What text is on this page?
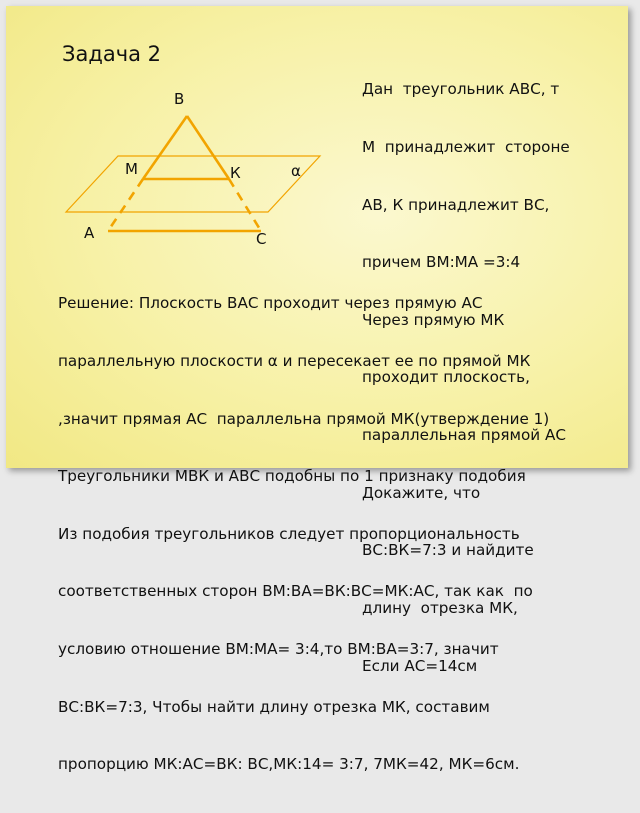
Задача 2

Дан  треугольник АВС, т

М  принадлежит  стороне

АВ, К принадлежит ВС,

причем ВМ:МА =3:4

Через прямую МК

проходит плоскость,

параллельная прямой АС

Докажите, что

ВС:ВК=7:3 и найдите

длину  отрезка МК,

Если АС=14см

В
М	К	α
А	С

Решение: Плоскость ВАС проходит через прямую АС

параллельную плоскости α и пересекает ее по прямой МК

,значит прямая АС  параллельна прямой МК(утверждение 1)

Треугольники МВК и АВС подобны по 1 признаку подобия

Из подобия треугольников следует пропорциональность

соответственных сторон ВМ:ВА=ВК:ВС=МК:АС, так как  по

условию отношение ВМ:МА= 3:4,то ВМ:ВА=3:7, значит

ВС:ВК=7:3, Чтобы найти длину отрезка МК, составим

пропорцию МК:АС=ВК: ВС,МК:14= 3:7, 7МК=42, МК=6см.
